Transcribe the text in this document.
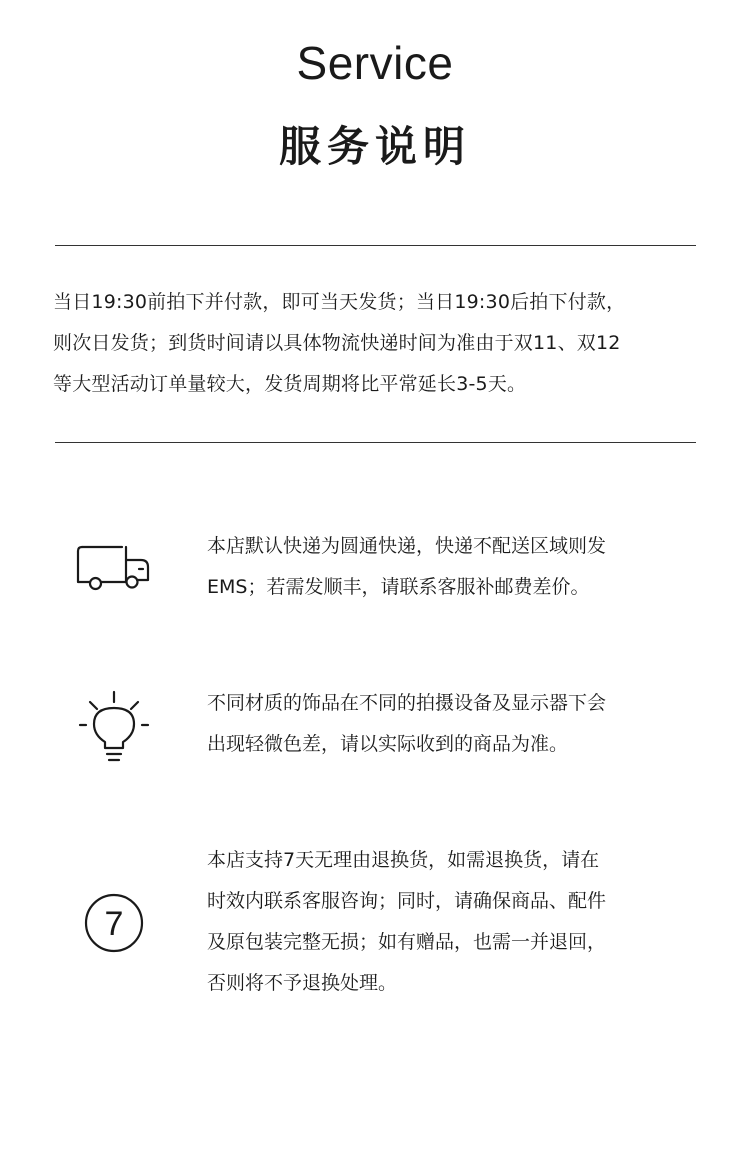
Service
服务说明

当日19:30前拍下并付款，即可当天发货；当日19:30后拍下付款，

则次日发货；到货时间请以具体物流快递时间为准由于双11、双12

等大型活动订单量较大，发货周期将比平常延长3-5天。

本店默认快递为圆通快递，快递不配送区域则发

EMS；若需发顺丰，请联系客服补邮费差价。

不同材质的饰品在不同的拍摄设备及显示器下会

出现轻微色差，请以实际收到的商品为准。

7

本店支持7天无理由退换货，如需退换货，请在

时效内联系客服咨询；同时，请确保商品、配件

及原包装完整无损；如有赠品，也需一并退回，

否则将不予退换处理。
